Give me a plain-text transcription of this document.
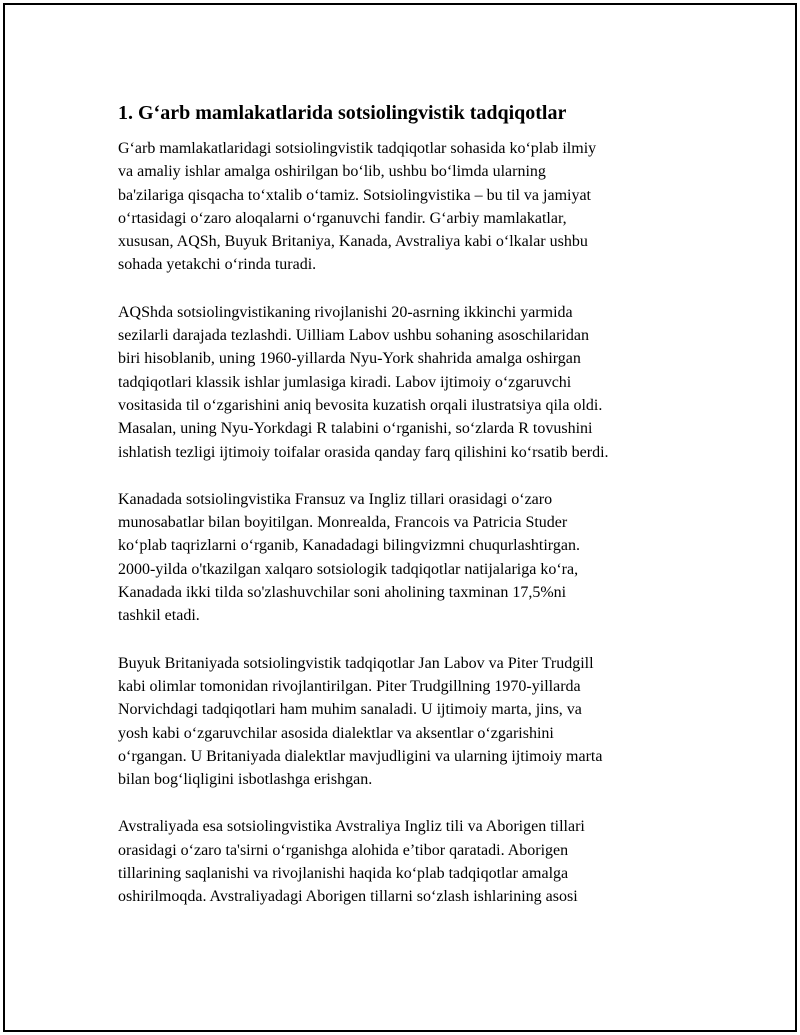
1. G‘arb mamlakatlarida sotsiolingvistik tadqiqotlar

G‘arb mamlakatlaridagi sotsiolingvistik tadqiqotlar sohasida ko‘plab ilmiy
va amaliy ishlar amalga oshirilgan bo‘lib, ushbu bo‘limda ularning
ba'zilariga qisqacha to‘xtalib o‘tamiz. Sotsiolingvistika – bu til va jamiyat
o‘rtasidagi o‘zaro aloqalarni o‘rganuvchi fandir. G‘arbiy mamlakatlar,
xususan, AQSh, Buyuk Britaniya, Kanada, Avstraliya kabi o‘lkalar ushbu
sohada yetakchi o‘rinda turadi.

AQShda sotsiolingvistikaning rivojlanishi 20-asrning ikkinchi yarmida
sezilarli darajada tezlashdi. Uilliam Labov ushbu sohaning asoschilaridan
biri hisoblanib, uning 1960-yillarda Nyu-York shahrida amalga oshirgan
tadqiqotlari klassik ishlar jumlasiga kiradi. Labov ijtimoiy o‘zgaruvchi
vositasida til o‘zgarishini aniq bevosita kuzatish orqali ilustratsiya qila oldi.
Masalan, uning Nyu-Yorkdagi R talabini o‘rganishi, so‘zlarda R tovushini
ishlatish tezligi ijtimoiy toifalar orasida qanday farq qilishini ko‘rsatib berdi.

Kanadada sotsiolingvistika Fransuz va Ingliz tillari orasidagi o‘zaro
munosabatlar bilan boyitilgan. Monrealda, Francois va Patricia Studer
ko‘plab taqrizlarni o‘rganib, Kanadadagi bilingvizmni chuqurlashtirgan.
2000-yilda o'tkazilgan xalqaro sotsiologik tadqiqotlar natijalariga ko‘ra,
Kanadada ikki tilda so'zlashuvchilar soni aholining taxminan 17,5%ni
tashkil etadi.

Buyuk Britaniyada sotsiolingvistik tadqiqotlar Jan Labov va Piter Trudgill
kabi olimlar tomonidan rivojlantirilgan. Piter Trudgillning 1970-yillarda
Norvichdagi tadqiqotlari ham muhim sanaladi. U ijtimoiy marta, jins, va
yosh kabi o‘zgaruvchilar asosida dialektlar va aksentlar o‘zgarishini
o‘rgangan. U Britaniyada dialektlar mavjudligini va ularning ijtimoiy marta
bilan bog‘liqligini isbotlashga erishgan.

Avstraliyada esa sotsiolingvistika Avstraliya Ingliz tili va Aborigen tillari
orasidagi o‘zaro ta'sirni o‘rganishga alohida e’tibor qaratadi. Aborigen
tillarining saqlanishi va rivojlanishi haqida ko‘plab tadqiqotlar amalga
oshirilmoqda. Avstraliyadagi Aborigen tillarni so‘zlash ishlarining asosi
